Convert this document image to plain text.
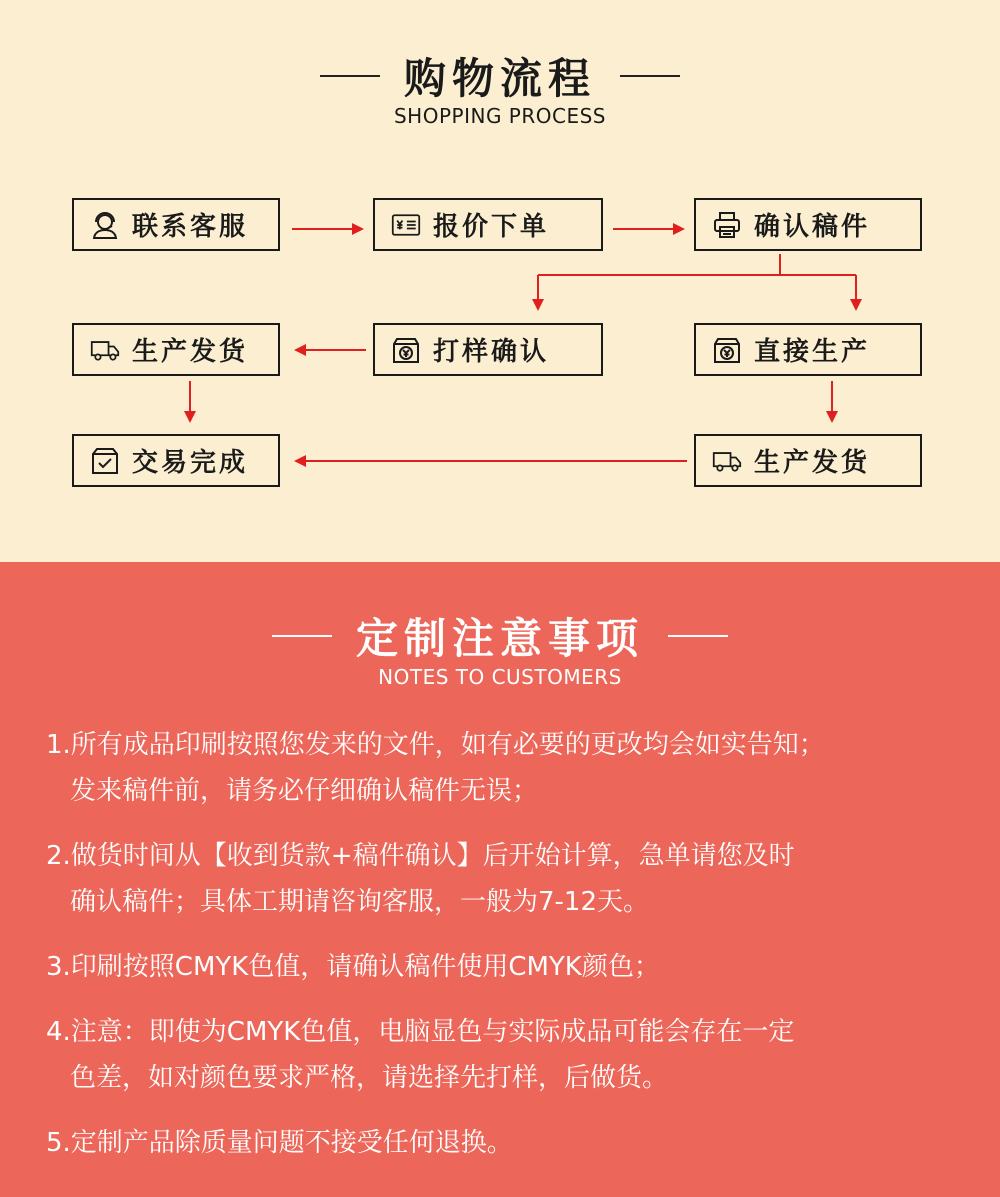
购物流程
SHOPPING PROCESS
联系客服	报价下单	确认稿件
生产发货	打样确认	直接生产
交易完成	生产发货
定制注意事项
NOTES TO CUSTOMERS
1.所有成品印刷按照您发来的文件，如有必要的更改均会如实告知；
发来稿件前，请务必仔细确认稿件无误；
2.做货时间从【收到货款+稿件确认】后开始计算，急单请您及时
确认稿件；具体工期请咨询客服，一般为7-12天。
3.印刷按照CMYK色值，请确认稿件使用CMYK颜色；
4.注意：即使为CMYK色值，电脑显色与实际成品可能会存在一定
色差，如对颜色要求严格，请选择先打样，后做货。
5.定制产品除质量问题不接受任何退换。
